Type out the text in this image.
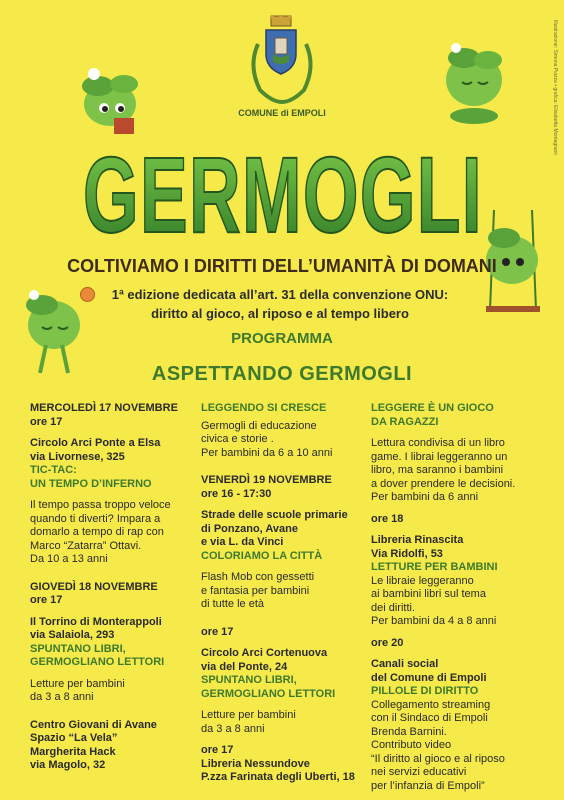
Illustrazione: Simona Piazza • grafica: Elisabetta Montagnani
COMUNE di EMPOLI
GERMOGLI
COLTIVIAMO I DIRITTI DELL’UMANITÀ DI DOMANI
1ª edizione dedicata all’art. 31 della convenzione ONU:
diritto al gioco, al riposo e al tempo libero
PROGRAMMA
ASPETTANDO GERMOGLI
MERCOLEDÌ 17 NOVEMBRE
ore 17
Circolo Arci Ponte a Elsa
via Livornese, 325
TIC-TAC:
UN TEMPO D’INFERNO
Il tempo passa troppo veloce
quando ti diverti? Impara a
domarlo a tempo di rap con
Marco “Zatarra” Ottavi.
Da 10 a 13 anni
GIOVEDÌ 18 NOVEMBRE
ore 17
Il Torrino di Monterappoli
via Salaiola, 293
SPUNTANO LIBRI,
GERMOGLIANO LETTORI
Letture per bambini
da 3 a 8 anni
Centro Giovani di Avane
Spazio “La Vela”
Margherita Hack
via Magolo, 32
LEGGENDO SI CRESCE
Germogli di educazione
civica e storie .
Per bambini da 6 a 10 anni
VENERDÌ 19 NOVEMBRE
ore 16 - 17:30
Strade delle scuole primarie
di Ponzano, Avane
e via L. da Vinci
COLORIAMO LA CITTÀ
Flash Mob con gessetti
e fantasia per bambini
di tutte le età
ore 17
Circolo Arci Cortenuova
via del Ponte, 24
SPUNTANO LIBRI,
GERMOGLIANO LETTORI
Letture per bambini
da 3 a 8 anni
ore 17
Libreria Nessundove
P.zza Farinata degli Uberti, 18
LEGGERE È UN GIOCO
DA RAGAZZI
Lettura condivisa di un libro
game. I librai leggeranno un
libro, ma saranno i bambini
a dover prendere le decisioni.
Per bambini da 6 anni
ore 18
Libreria Rinascita
Via Ridolfi, 53
LETTURE PER BAMBINI
Le libraie leggeranno
ai bambini libri sul tema
dei diritti.
Per bambini da 4 a 8 anni
ore 20
Canali social
del Comune di Empoli
PILLOLE DI DIRITTO
Collegamento streaming
con il Sindaco di Empoli
Brenda Barnini.
Contributo video
“Il diritto al gioco e al riposo
nei servizi educativi
per l’infanzia di Empoli”
